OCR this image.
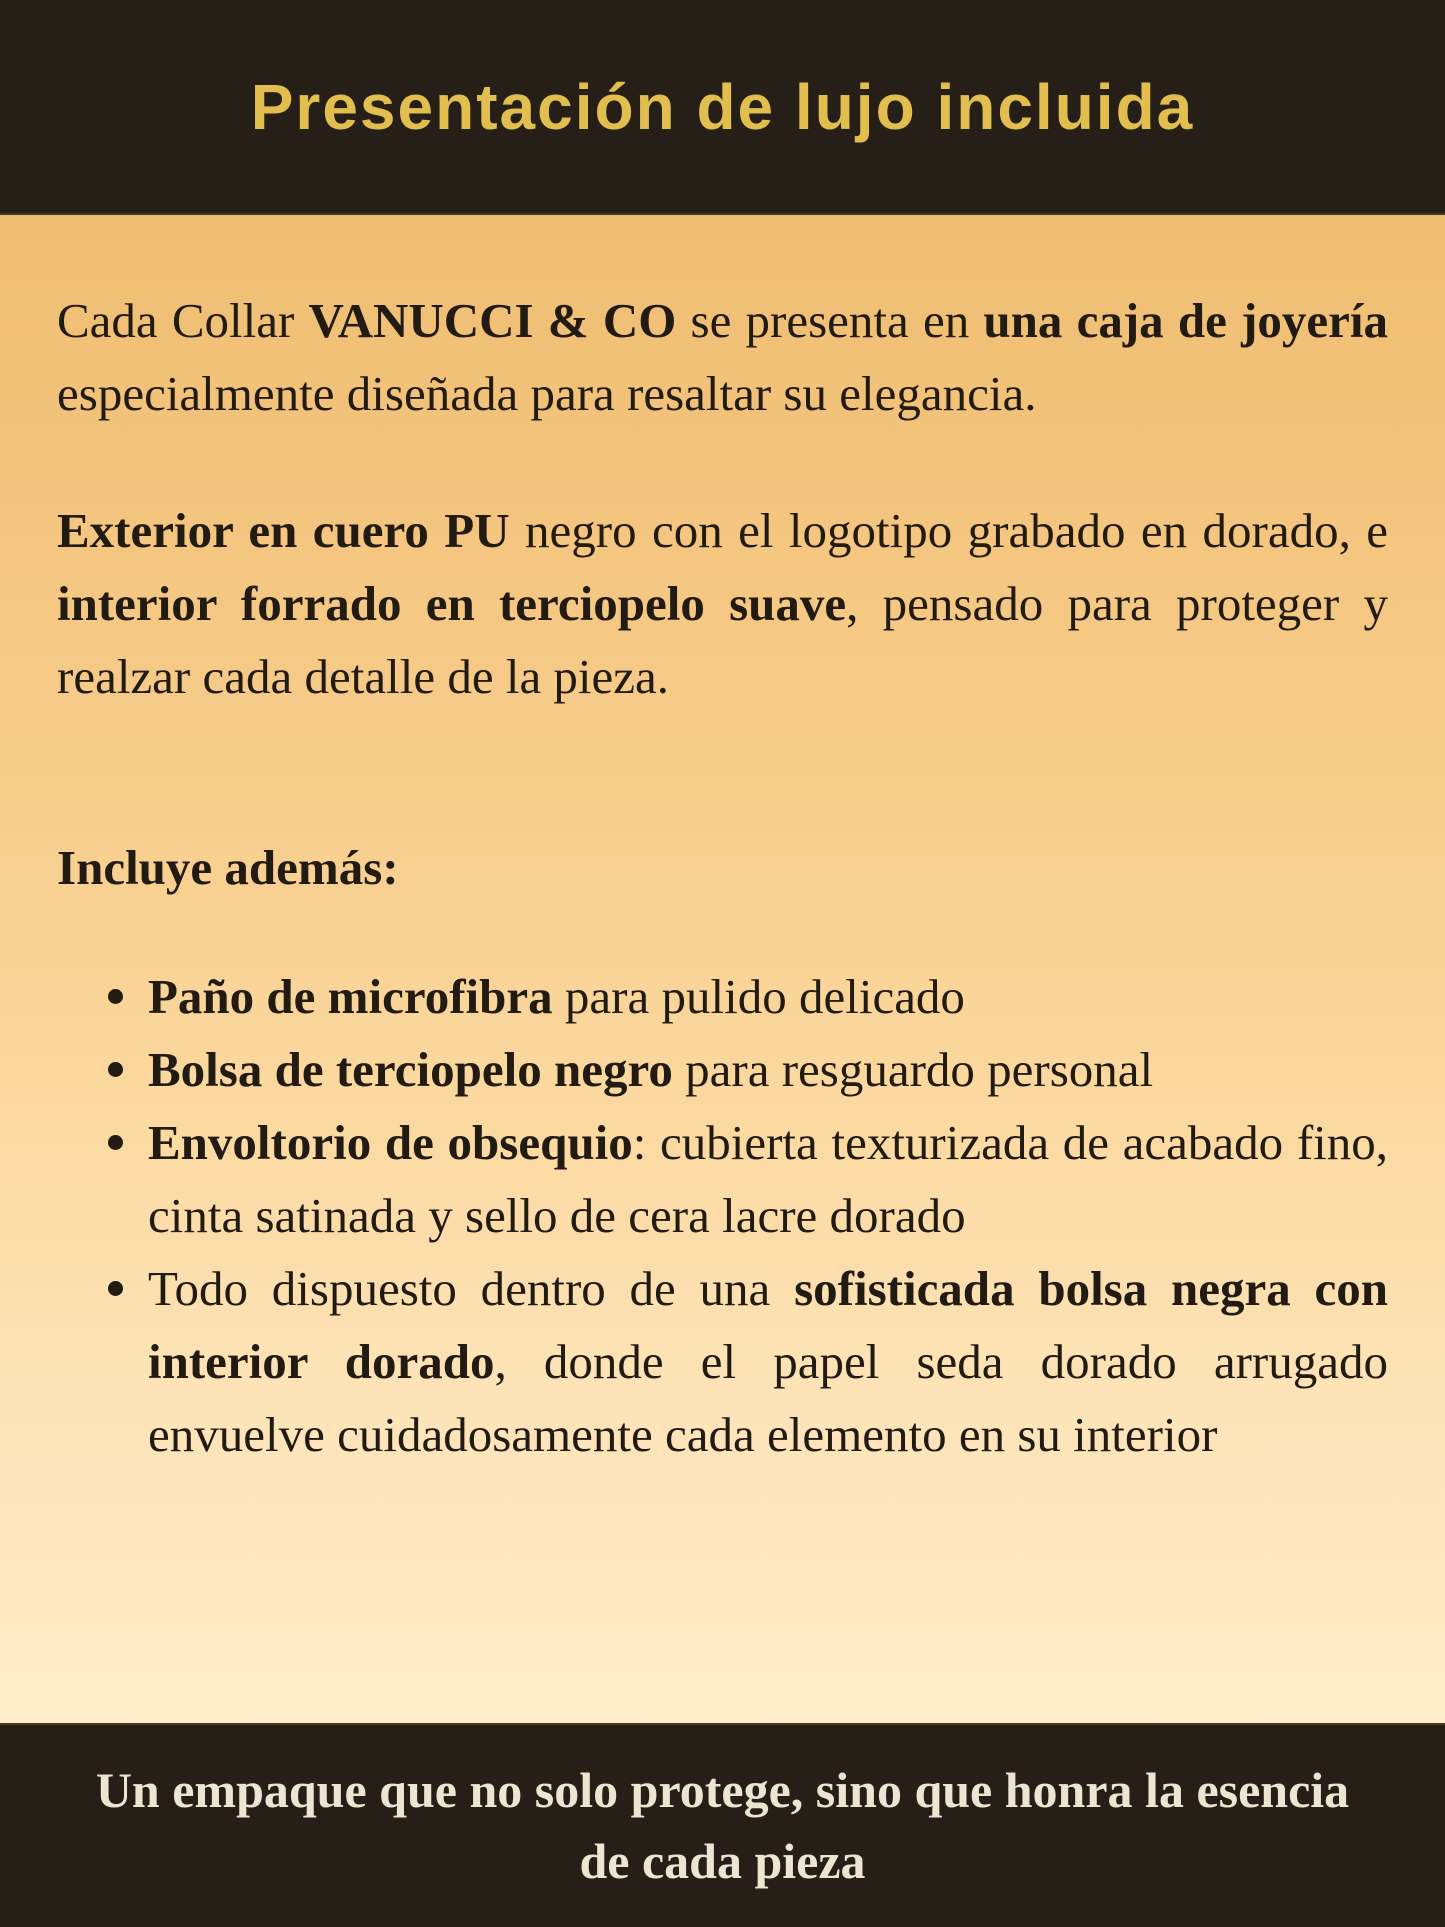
Presentación de lujo incluida

Cada Collar VANUCCI & CO se presenta en una caja de joyería especialmente diseñada para resaltar su elegancia.

Exterior en cuero PU negro con el logotipo grabado en dorado, e interior forrado en terciopelo suave, pensado para proteger y realzar cada detalle de la pieza.

Incluye además:

Paño de microfibra para pulido delicado
Bolsa de terciopelo negro para resguardo personal
Envoltorio de obsequio: cubierta texturizada de acabado fino, cinta satinada y sello de cera lacre dorado
Todo dispuesto dentro de una sofisticada bolsa negra con interior dorado, donde el papel seda dorado arrugado envuelve cuidadosamente cada elemento en su interior

Un empaque que no solo protege, sino que honra la esencia de cada pieza
